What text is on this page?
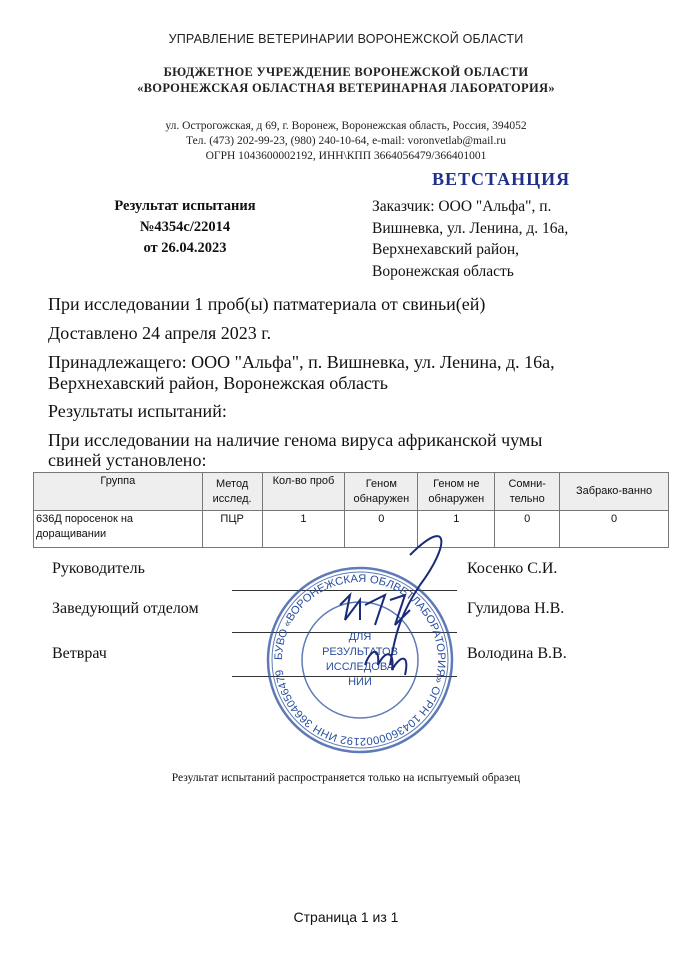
УПРАВЛЕНИЕ ВЕТЕРИНАРИИ ВОРОНЕЖСКОЙ ОБЛАСТИ
БЮДЖЕТНОЕ УЧРЕЖДЕНИЕ ВОРОНЕЖСКОЙ ОБЛАСТИ
«ВОРОНЕЖСКАЯ ОБЛАСТНАЯ ВЕТЕРИНАРНАЯ ЛАБОРАТОРИЯ»
ул. Острогожская, д 69, г. Воронеж, Воронежская область, Россия, 394052
Тел. (473) 202-99-23, (980) 240-10-64, e-mail: voronvetlab@mail.ru
ОГРН 1043600002192, ИНН\КПП 3664056479/366401001
ВЕТСТАНЦИЯ
Результат испытания
№4354с/22014
от 26.04.2023
Заказчик: ООО "Альфа", п.
Вишневка, ул. Ленина, д. 16а,
Верхнехавский район,
Воронежская область
При исследовании 1 проб(ы) патматериала от свиньи(ей)
Доставлено 24 апреля 2023 г.
Принадлежащего: ООО "Альфа", п. Вишневка, ул. Ленина, д. 16а,
Верхнехавский район, Воронежская область
Результаты испытаний:
При исследовании на наличие генома вируса африканской чумы
свиней установлено:
Группа	Метод исслед.	Кол-во проб	Геном обнаружен	Геном не обнаружен	Сомни-тельно	Забрако-ванно
636Д поросенок на доращивании	ПЦР	1	0	1	0	0
Руководитель	Косенко С.И.
Заведующий отделом	Гулидова Н.В.
Ветврач	Володина В.В.
БУВО «ВОРОНЕЖСКАЯ ОБЛВЕТЛАБОРАТОРИЯ» ОГРН 1043600002192 ИНН 3664056479
ДЛЯ РЕЗУЛЬТАТОВ ИССЛЕДОВА НИИ
Результат испытаний распространяется только на испытуемый образец
Страница 1 из 1
